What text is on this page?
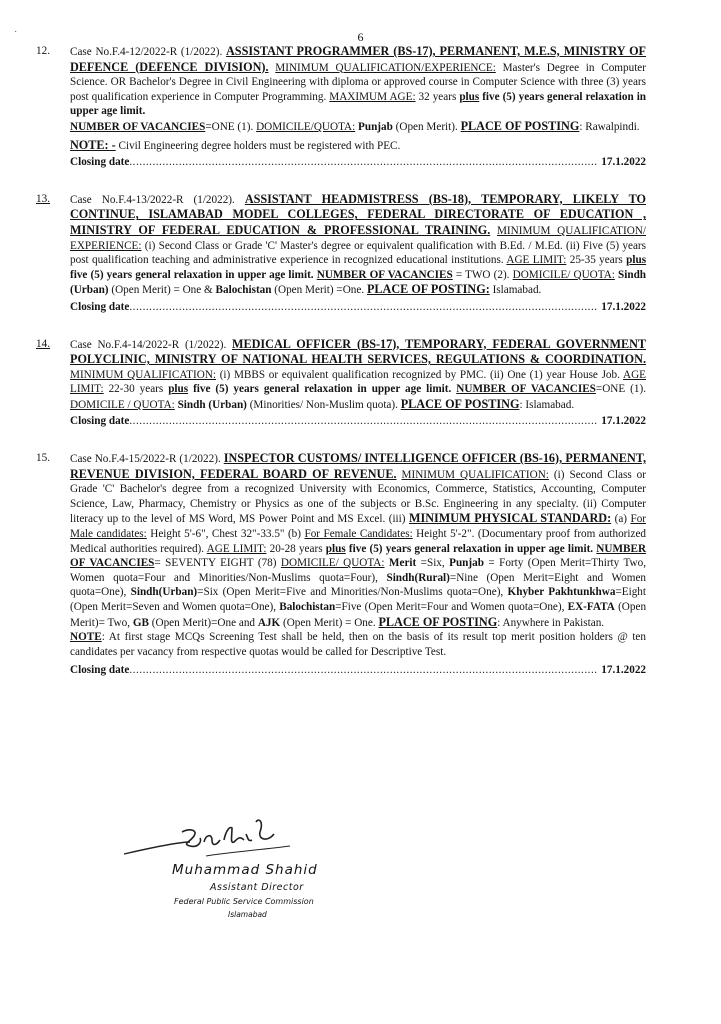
˙	6
12.	Case No.F.4-12/2022-R (1/2022). ASSISTANT PROGRAMMER (BS-17), PERMANENT, M.E.S, MINISTRY OF DEFENCE (DEFENCE DIVISION). MINIMUM QUALIFICATION/EXPERIENCE: Master's Degree in Computer Science. OR Bachelor's Degree in Civil Engineering with diploma or approved course in Computer Science with three (3) years post qualification experience in Computer Programming. MAXIMUM AGE: 32 years plus five (5) years general relaxation in upper age limit.
NUMBER OF VACANCIES=ONE (1). DOMICILE/QUOTA: Punjab (Open Merit). PLACE OF POSTING: Rawalpindi.
NOTE: - Civil Engineering degree holders must be registered with PEC.
Closing date .....	17.1.2022
13.	Case No.F.4-13/2022-R (1/2022). ASSISTANT HEADMISTRESS (BS-18), TEMPORARY, LIKELY TO CONTINUE, ISLAMABAD MODEL COLLEGES, FEDERAL DIRECTORATE OF EDUCATION , MINISTRY OF FEDERAL EDUCATION & PROFESSIONAL TRAINING. MINIMUM QUALIFICATION/ EXPERIENCE: (i) Second Class or Grade 'C' Master's degree or equivalent qualification with B.Ed. / M.Ed. (ii) Five (5) years post qualification teaching and administrative experience in recognized educational institutions. AGE LIMIT: 25-35 years plus five (5) years general relaxation in upper age limit. NUMBER OF VACANCIES = TWO (2). DOMICILE/ QUOTA: Sindh (Urban) (Open Merit) = One & Balochistan (Open Merit) =One. PLACE OF POSTING: Islamabad.
Closing date .....	17.1.2022
14.	Case No.F.4-14/2022-R (1/2022). MEDICAL OFFICER (BS-17), TEMPORARY, FEDERAL GOVERNMENT POLYCLINIC, MINISTRY OF NATIONAL HEALTH SERVICES, REGULATIONS & COORDINATION. MINIMUM QUALIFICATION: (i) MBBS or equivalent qualification recognized by PMC. (ii) One (1) year House Job. AGE LIMIT: 22-30 years plus five (5) years general relaxation in upper age limit. NUMBER OF VACANCIES=ONE (1). DOMICILE / QUOTA: Sindh (Urban) (Minorities/ Non-Muslim quota). PLACE OF POSTING: Islamabad.
Closing date .....	17.1.2022
15.	Case No.F.4-15/2022-R (1/2022). INSPECTOR CUSTOMS/ INTELLIGENCE OFFICER (BS-16), PERMANENT, REVENUE DIVISION, FEDERAL BOARD OF REVENUE. MINIMUM QUALIFICATION: (i) Second Class or Grade 'C' Bachelor's degree from a recognized University with Economics, Commerce, Statistics, Accounting, Computer Science, Law, Pharmacy, Chemistry or Physics as one of the subjects or B.Sc. Engineering in any specialty. (ii) Computer literacy up to the level of MS Word, MS Power Point and MS Excel. (iii) MINIMUM PHYSICAL STANDARD: (a) For Male candidates: Height 5'-6", Chest 32"-33.5" (b) For Female Candidates: Height 5'-2". (Documentary proof from authorized Medical authorities required). AGE LIMIT: 20-28 years plus five (5) years general relaxation in upper age limit. NUMBER OF VACANCIES= SEVENTY EIGHT (78) DOMICILE/ QUOTA: Merit =Six, Punjab = Forty (Open Merit=Thirty Two, Women quota=Four and Minorities/Non-Muslims quota=Four), Sindh(Rural)=Nine (Open Merit=Eight and Women quota=One), Sindh(Urban)=Six (Open Merit=Five and Minorities/Non-Muslims quota=One), Khyber Pakhtunkhwa=Eight (Open Merit=Seven and Women quota=One), Balochistan=Five (Open Merit=Four and Women quota=One), EX-FATA (Open Merit)= Two, GB (Open Merit)=One and AJK (Open Merit) = One. PLACE OF POSTING: Anywhere in Pakistan.
NOTE: At first stage MCQs Screening Test shall be held, then on the basis of its result top merit position holders @ ten candidates per vacancy from respective quotas would be called for Descriptive Test.
Closing date .....	17.1.2022
Muhammad Shahid
Assistant Director
Federal Public Service Commission
Islamabad
